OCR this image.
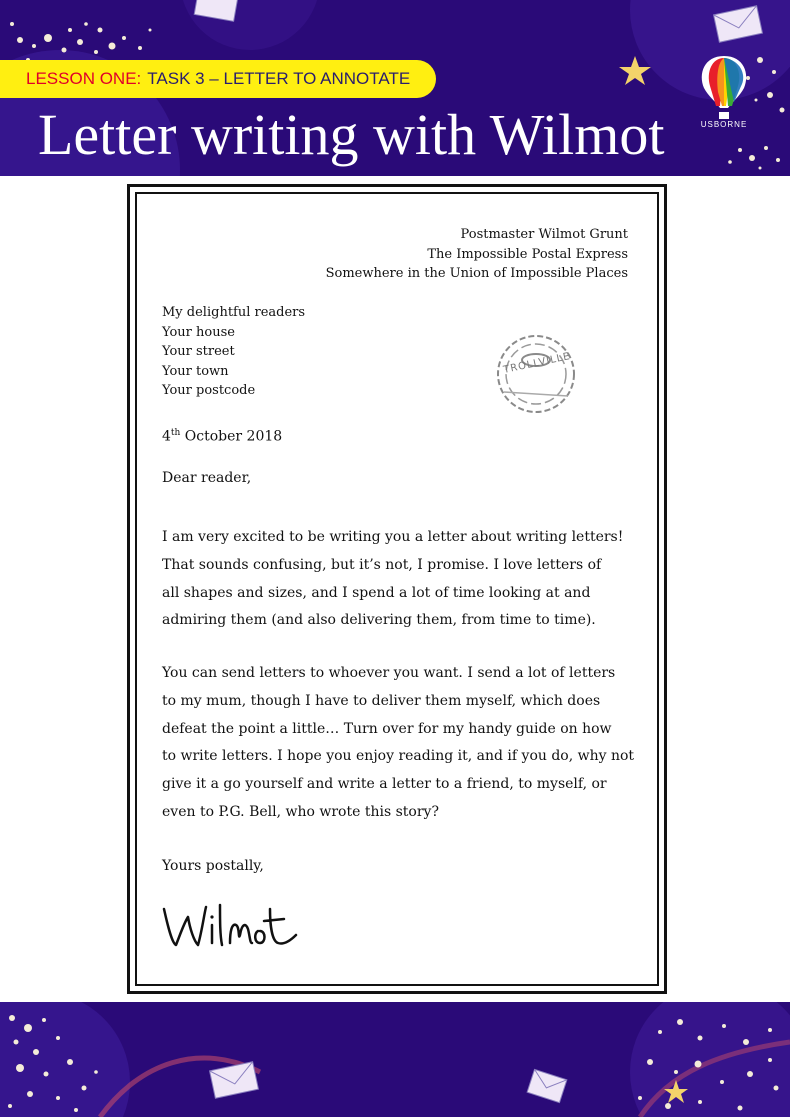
LESSON ONE: TASK 3 – LETTER TO ANNOTATE
Letter writing with Wilmot	USBORNE
Postmaster Wilmot Grunt
The Impossible Postal Express
Somewhere in the Union of Impossible Places
My delightful readers
Your house
Your street
Your town
Your postcode
TROLLVILLE
4th October 2018
Dear reader,

I am very excited to be writing you a letter about writing letters!
That sounds confusing, but it’s not, I promise. I love letters of
all shapes and sizes, and I spend a lot of time looking at and
admiring them (and also delivering them, from time to time).

You can send letters to whoever you want. I send a lot of letters
to my mum, though I have to deliver them myself, which does
defeat the point a little… Turn over for my handy guide on how
to write letters. I hope you enjoy reading it, and if you do, why not
give it a go yourself and write a letter to a friend, to myself, or
even to P.G. Bell, who wrote this story?

Yours postally,
